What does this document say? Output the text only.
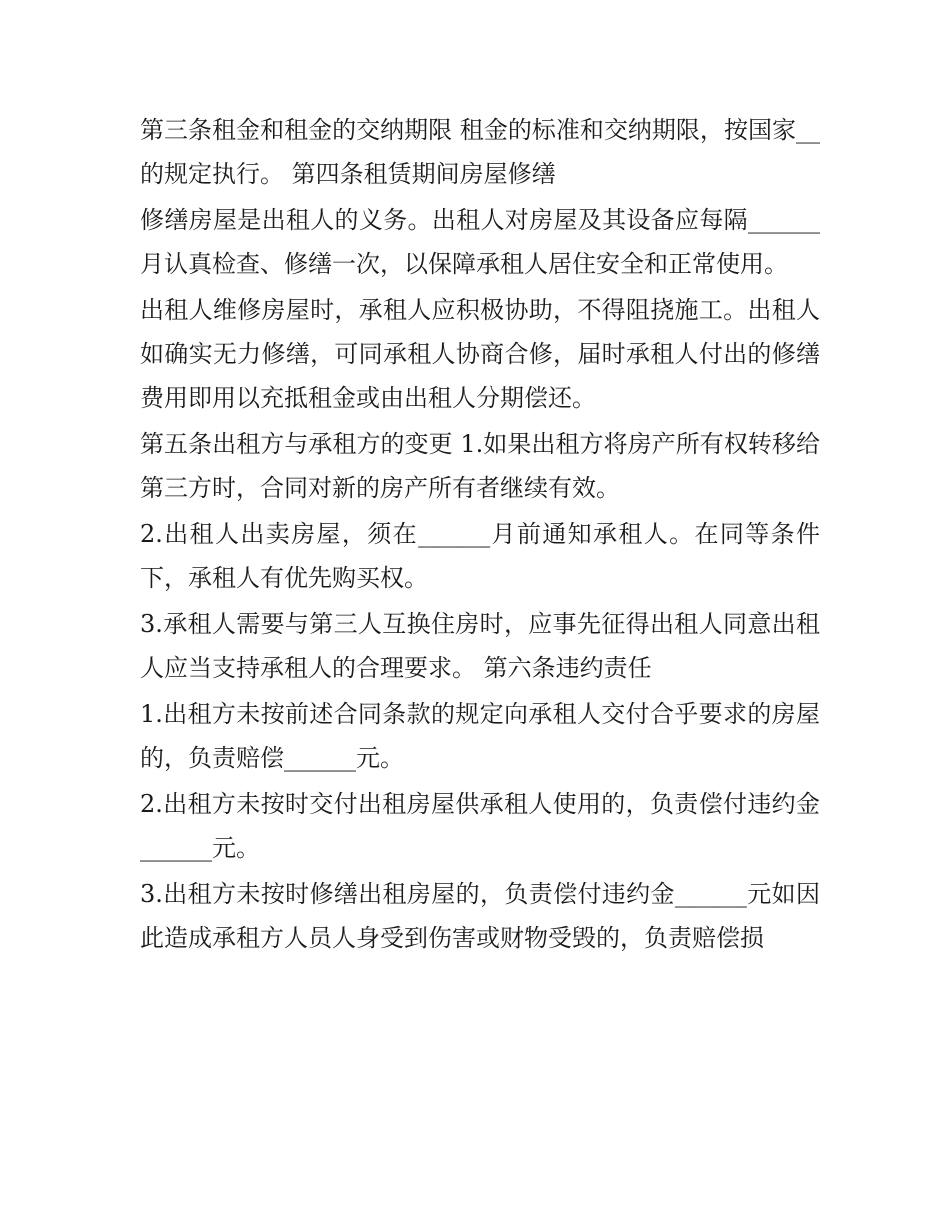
第三条租金和租金的交纳期限 租金的标准和交纳期限，按国家__的规定执行。 第四条租赁期间房屋修缮

修缮房屋是出租人的义务。出租人对房屋及其设备应每隔______月认真检查、修缮一次，以保障承租人居住安全和正常使用。

出租人维修房屋时，承租人应积极协助，不得阻挠施工。出租人如确实无力修缮，可同承租人协商合修，届时承租人付出的修缮费用即用以充抵租金或由出租人分期偿还。

第五条出租方与承租方的变更 1.如果出租方将房产所有权转移给第三方时，合同对新的房产所有者继续有效。

2.出租人出卖房屋，须在______月前通知承租人。在同等条件下，承租人有优先购买权。

3.承租人需要与第三人互换住房时，应事先征得出租人同意出租人应当支持承租人的合理要求。 第六条违约责任

1.出租方未按前述合同条款的规定向承租人交付合乎要求的房屋的，负责赔偿______元。

2.出租方未按时交付出租房屋供承租人使用的，负责偿付违约金______元。

3.出租方未按时修缮出租房屋的，负责偿付违约金______元如因此造成承租方人员人身受到伤害或财物受毁的，负责赔偿损
